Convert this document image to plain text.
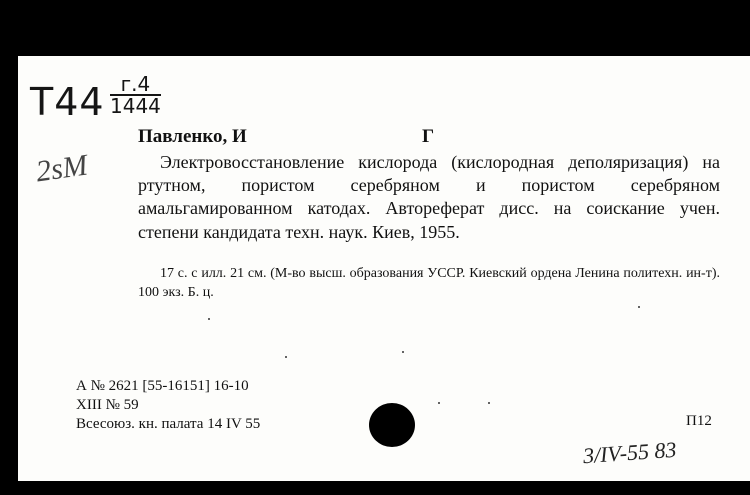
Т44 г.4
1444
2sM
Павленко, И	Г
Электровосстановление кислорода (кислородная деполяризация) на ртутном, пористом серебряном и пористом серебряном амальгамированном катодах. Автореферат дисс. на соискание учен. степени кандидата техн. наук. Киев, 1955.
17 с. с илл. 21 см. (М-во высш. образования УССР. Киевский ордена Ленина политехн. ин-т). 100 экз. Б. ц.
А № 2621 [55-16151] 16-10
XIII № 59
Всесоюз. кн. палата 14 IV 55	П12
3/IV-55 83
